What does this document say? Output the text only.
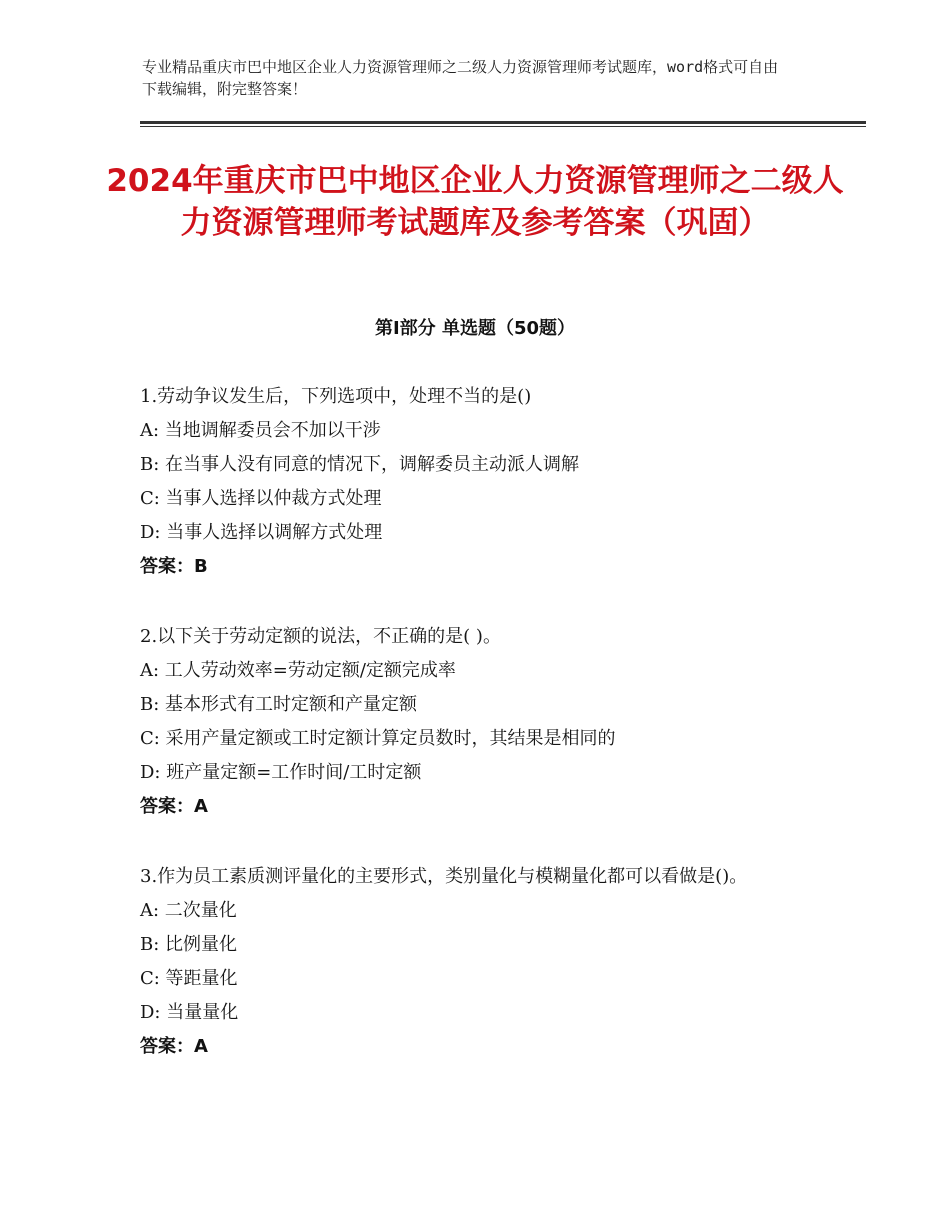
专业精品重庆市巴中地区企业人力资源管理师之二级人力资源管理师考试题库，word格式可自由下载编辑，附完整答案！
2024年重庆市巴中地区企业人力资源管理师之二级人力资源管理师考试题库及参考答案（巩固）
第Ⅰ部分 单选题（50题）

1.劳动争议发生后，下列选项中，处理不当的是()

A: 当地调解委员会不加以干涉

B: 在当事人没有同意的情况下，调解委员主动派人调解

C: 当事人选择以仲裁方式处理

D: 当事人选择以调解方式处理

答案：B

2.以下关于劳动定额的说法，不正确的是( )。

A: 工人劳动效率=劳动定额/定额完成率

B: 基本形式有工时定额和产量定额

C: 采用产量定额或工时定额计算定员数时，其结果是相同的

D: 班产量定额=工作时间/工时定额

答案：A

3.作为员工素质测评量化的主要形式，类别量化与模糊量化都可以看做是()。

A: 二次量化

B: 比例量化

C: 等距量化

D: 当量量化

答案：A
